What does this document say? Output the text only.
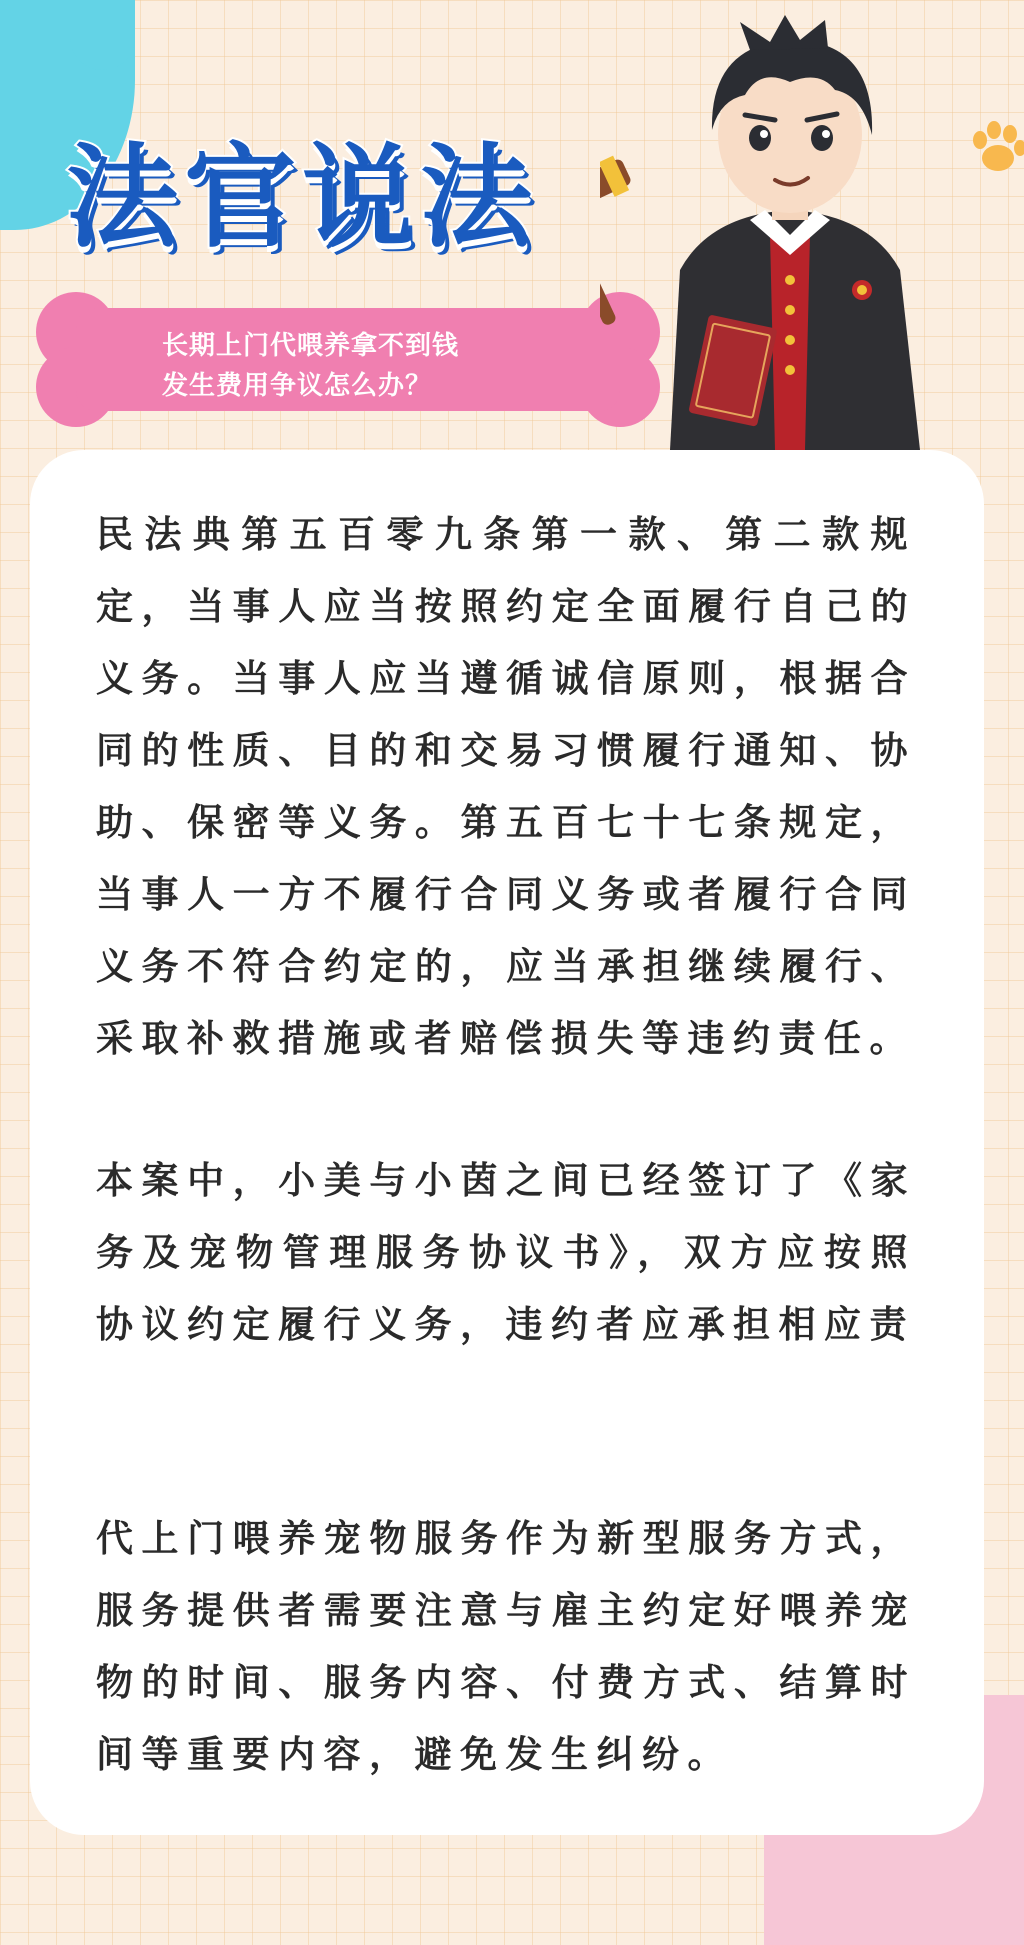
法官说法
长期上门代喂养拿不到钱
发生费用争议怎么办？

民法典第五百零九条第一款、第二款规定，当事人应当按照约定全面履行自己的义务。当事人应当遵循诚信原则，根据合同的性质、目的和交易习惯履行通知、协助、保密等义务。第五百七十七条规定，当事人一方不履行合同义务或者履行合同义务不符合约定的，应当承担继续履行、采取补救措施或者赔偿损失等违约责任。

本案中，小美与小茵之间已经签订了《家务及宠物管理服务协议书》，双方应按照协议约定履行义务，违约者应承担相应责

代上门喂养宠物服务作为新型服务方式，服务提供者需要注意与雇主约定好喂养宠物的时间、服务内容、付费方式、结算时间等重要内容，避免发生纠纷。
